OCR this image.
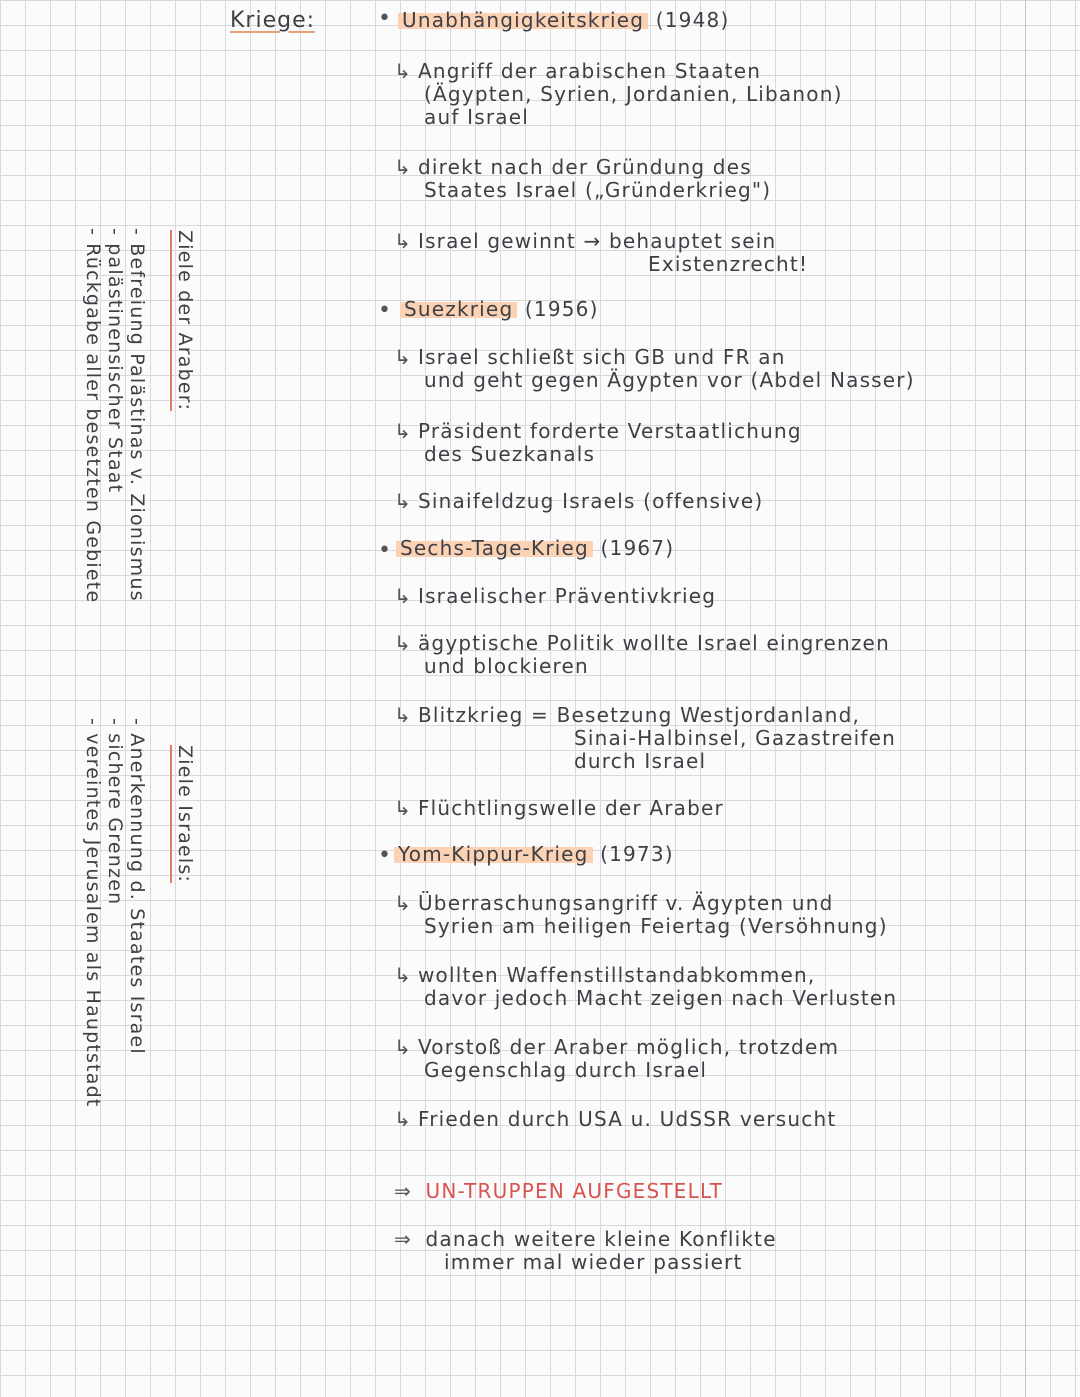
Kriege:	• Unabhängigkeitskrieg (1948)
↳ Angriff der arabischen Staaten
(Ägypten, Syrien, Jordanien, Libanon)
auf Israel
↳ direkt nach der Gründung des
Staates Israel („Gründerkrieg")
↳ Israel gewinnt → behauptet sein
Existenzrecht!
• Suezkrieg (1956)
↳ Israel schließt sich GB und FR an
und geht gegen Ägypten vor (Abdel Nasser)
↳ Präsident forderte Verstaatlichung
des Suezkanals
↳ Sinaifeldzug Israels (offensive)
• Sechs-Tage-Krieg (1967)
↳ Israelischer Präventivkrieg
↳ ägyptische Politik wollte Israel eingrenzen
und blockieren
↳ Blitzkrieg = Besetzung Westjordanland,
Sinai-Halbinsel, Gazastreifen
durch Israel
↳ Flüchtlingswelle der Araber
• Yom-Kippur-Krieg (1973)
↳ Überraschungsangriff v. Ägypten und
Syrien am heiligen Feiertag (Versöhnung)
↳ wollten Waffenstillstandabkommen,
davor jedoch Macht zeigen nach Verlusten
↳ Vorstoß der Araber möglich, trotzdem
Gegenschlag durch Israel
↳ Frieden durch USA u. UdSSR versucht
⇒ UN-TRUPPEN AUFGESTELLT
⇒ danach weitere kleine Konflikte
immer mal wieder passiert
Ziele der Araber:
- Befreiung Palästinas v. Zionismus
- palästinensischer Staat
- Rückgabe aller besetzten Gebiete
Ziele Israels:
- Anerkennung d. Staates Israel
- sichere Grenzen
- vereintes Jerusalem als Hauptstadt
